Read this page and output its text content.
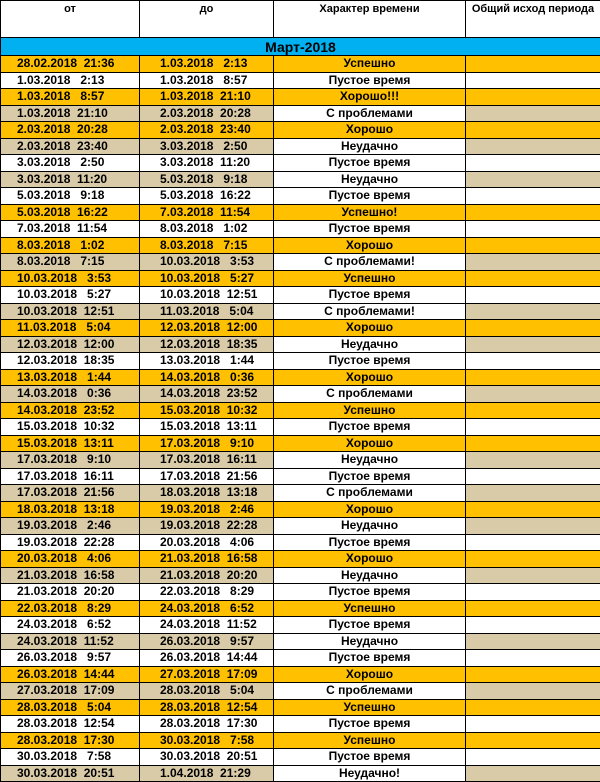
от	до	Характер времени	Общий исход периода
Март-2018			
28.02.2018  21:36	1.03.2018   2:13	Успешно	
1.03.2018   2:13	1.03.2018   8:57	Пустое время	
1.03.2018   8:57	1.03.2018  21:10	Хорошо!!!	
1.03.2018  21:10	2.03.2018  20:28	С проблемами	
2.03.2018  20:28	2.03.2018  23:40	Хорошо	
2.03.2018  23:40	3.03.2018   2:50	Неудачно	
3.03.2018   2:50	3.03.2018  11:20	Пустое время	
3.03.2018  11:20	5.03.2018   9:18	Неудачно	
5.03.2018   9:18	5.03.2018  16:22	Пустое время	
5.03.2018  16:22	7.03.2018  11:54	Успешно!	
7.03.2018  11:54	8.03.2018   1:02	Пустое время	
8.03.2018   1:02	8.03.2018   7:15	Хорошо	
8.03.2018   7:15	10.03.2018   3:53	С проблемами!	
10.03.2018   3:53	10.03.2018   5:27	Успешно	
10.03.2018   5:27	10.03.2018  12:51	Пустое время	
10.03.2018  12:51	11.03.2018   5:04	С проблемами!	
11.03.2018   5:04	12.03.2018  12:00	Хорошо	
12.03.2018  12:00	12.03.2018  18:35	Неудачно	
12.03.2018  18:35	13.03.2018   1:44	Пустое время	
13.03.2018   1:44	14.03.2018   0:36	Хорошо	
14.03.2018   0:36	14.03.2018  23:52	С проблемами	
14.03.2018  23:52	15.03.2018  10:32	Успешно	
15.03.2018  10:32	15.03.2018  13:11	Пустое время	
15.03.2018  13:11	17.03.2018   9:10	Хорошо	
17.03.2018   9:10	17.03.2018  16:11	Неудачно	
17.03.2018  16:11	17.03.2018  21:56	Пустое время	
17.03.2018  21:56	18.03.2018  13:18	С проблемами	
18.03.2018  13:18	19.03.2018   2:46	Хорошо	
19.03.2018   2:46	19.03.2018  22:28	Неудачно	
19.03.2018  22:28	20.03.2018   4:06	Пустое время	
20.03.2018   4:06	21.03.2018  16:58	Хорошо	
21.03.2018  16:58	21.03.2018  20:20	Неудачно	
21.03.2018  20:20	22.03.2018   8:29	Пустое время	
22.03.2018   8:29	24.03.2018   6:52	Успешно	
24.03.2018   6:52	24.03.2018  11:52	Пустое время	
24.03.2018  11:52	26.03.2018   9:57	Неудачно	
26.03.2018   9:57	26.03.2018  14:44	Пустое время	
26.03.2018  14:44	27.03.2018  17:09	Хорошо	
27.03.2018  17:09	28.03.2018   5:04	С проблемами	
28.03.2018   5:04	28.03.2018  12:54	Успешно	
28.03.2018  12:54	28.03.2018  17:30	Пустое время	
28.03.2018  17:30	30.03.2018   7:58	Успешно	
30.03.2018   7:58	30.03.2018  20:51	Пустое время	
30.03.2018  20:51	1.04.2018  21:29	Неудачно!	
